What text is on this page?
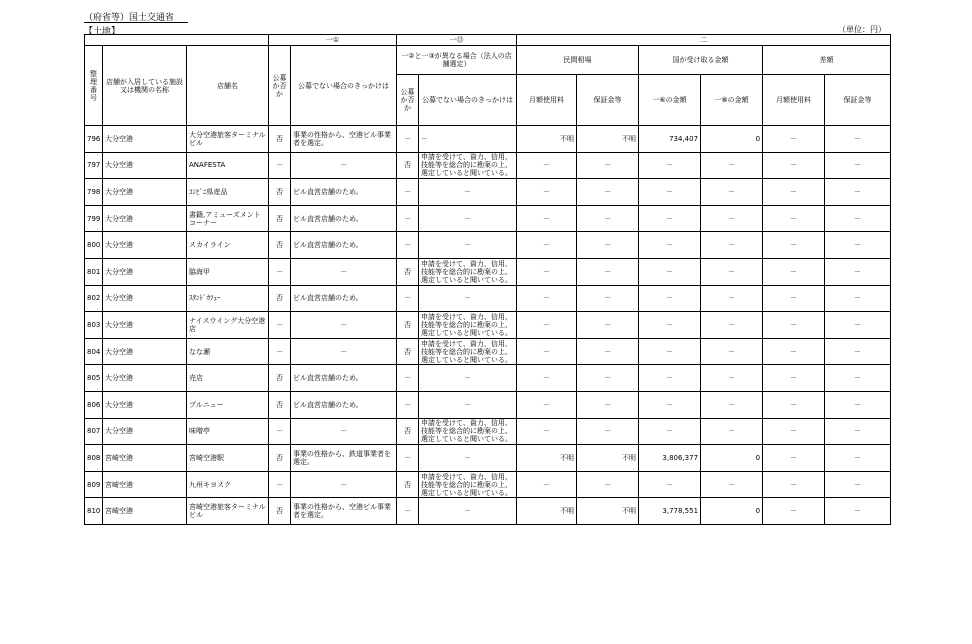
（府省等）国土交通省
【土地】	（単位：円）
			一①		一⑬		二					
整理番号	店舗が入居している施設又は機関の名称	店舗名	公募か否か	公募でない場合のきっかけは	一②と一③が異なる場合（法人の店舗選定）		民間相場		国が受け取る金額		差額	
					公募か否か	公募でない場合のきっかけは	月額使用料	保証金等	一⑥の金額	一⑧の金額	月額使用料	保証金等
796	大分空港	大分空港旅客ターミナルビル	否	事業の性格から、空港ビル事業者を選定。	－	－	不明	不明	734,407	0	－	－
797	大分空港	ANAFESTA	－	－	否	申請を受けて、資力、信用、技能等を総合的に勘案の上、選定していると聞いている。	－	－	－	－	－	－
798	大分空港	ｺﾝﾋﾞﾆ県産品	否	ビル直営店舗のため。	－	－	－	－	－	－	－	－
799	大分空港	書籍,アミューズメントコーナー	否	ビル直営店舗のため。	－	－	－	－	－	－	－	－
800	大分空港	スカイライン	否	ビル直営店舗のため。	－	－	－	－	－	－	－	－
801	大分空港	脇海甲	－	－	否	申請を受けて、資力、信用、技能等を総合的に勘案の上、選定していると聞いている。	－	－	－	－	－	－
802	大分空港	ｽﾀﾝﾄﾞｶﾌｪｰ	否	ビル直営店舗のため。	－	－	－	－	－	－	－	－
803	大分空港	ナイスウイング大分空港店	－	－	否	申請を受けて、資力、信用、技能等を総合的に勘案の上、選定していると聞いている。	－	－	－	－	－	－
804	大分空港	なな瀬	－	－	否	申請を受けて、資力、信用、技能等を総合的に勘案の上、選定していると聞いている。	－	－	－	－	－	－
805	大分空港	売店	否	ビル直営店舗のため。	－	－	－	－	－	－	－	－
806	大分空港	ブルニュー	否	ビル直営店舗のため。	－	－	－	－	－	－	－	－
807	大分空港	味噌亭	－	－	否	申請を受けて、資力、信用、技能等を総合的に勘案の上、選定していると聞いている。	－	－	－	－	－	－
808	宮崎空港	宮崎空港駅	否	事業の性格から、鉄道事業者を選定。	－	－	不明	不明	3,806,377	0	－	－
809	宮崎空港	九州キヨスク	－	－	否	申請を受けて、資力、信用、技能等を総合的に勘案の上、選定していると聞いている。	－	－	－	－	－	－
810	宮崎空港	宮崎空港旅客ターミナルビル	否	事業の性格から、空港ビル事業者を選定。	－	－	不明	不明	3,778,551	0	－	－
